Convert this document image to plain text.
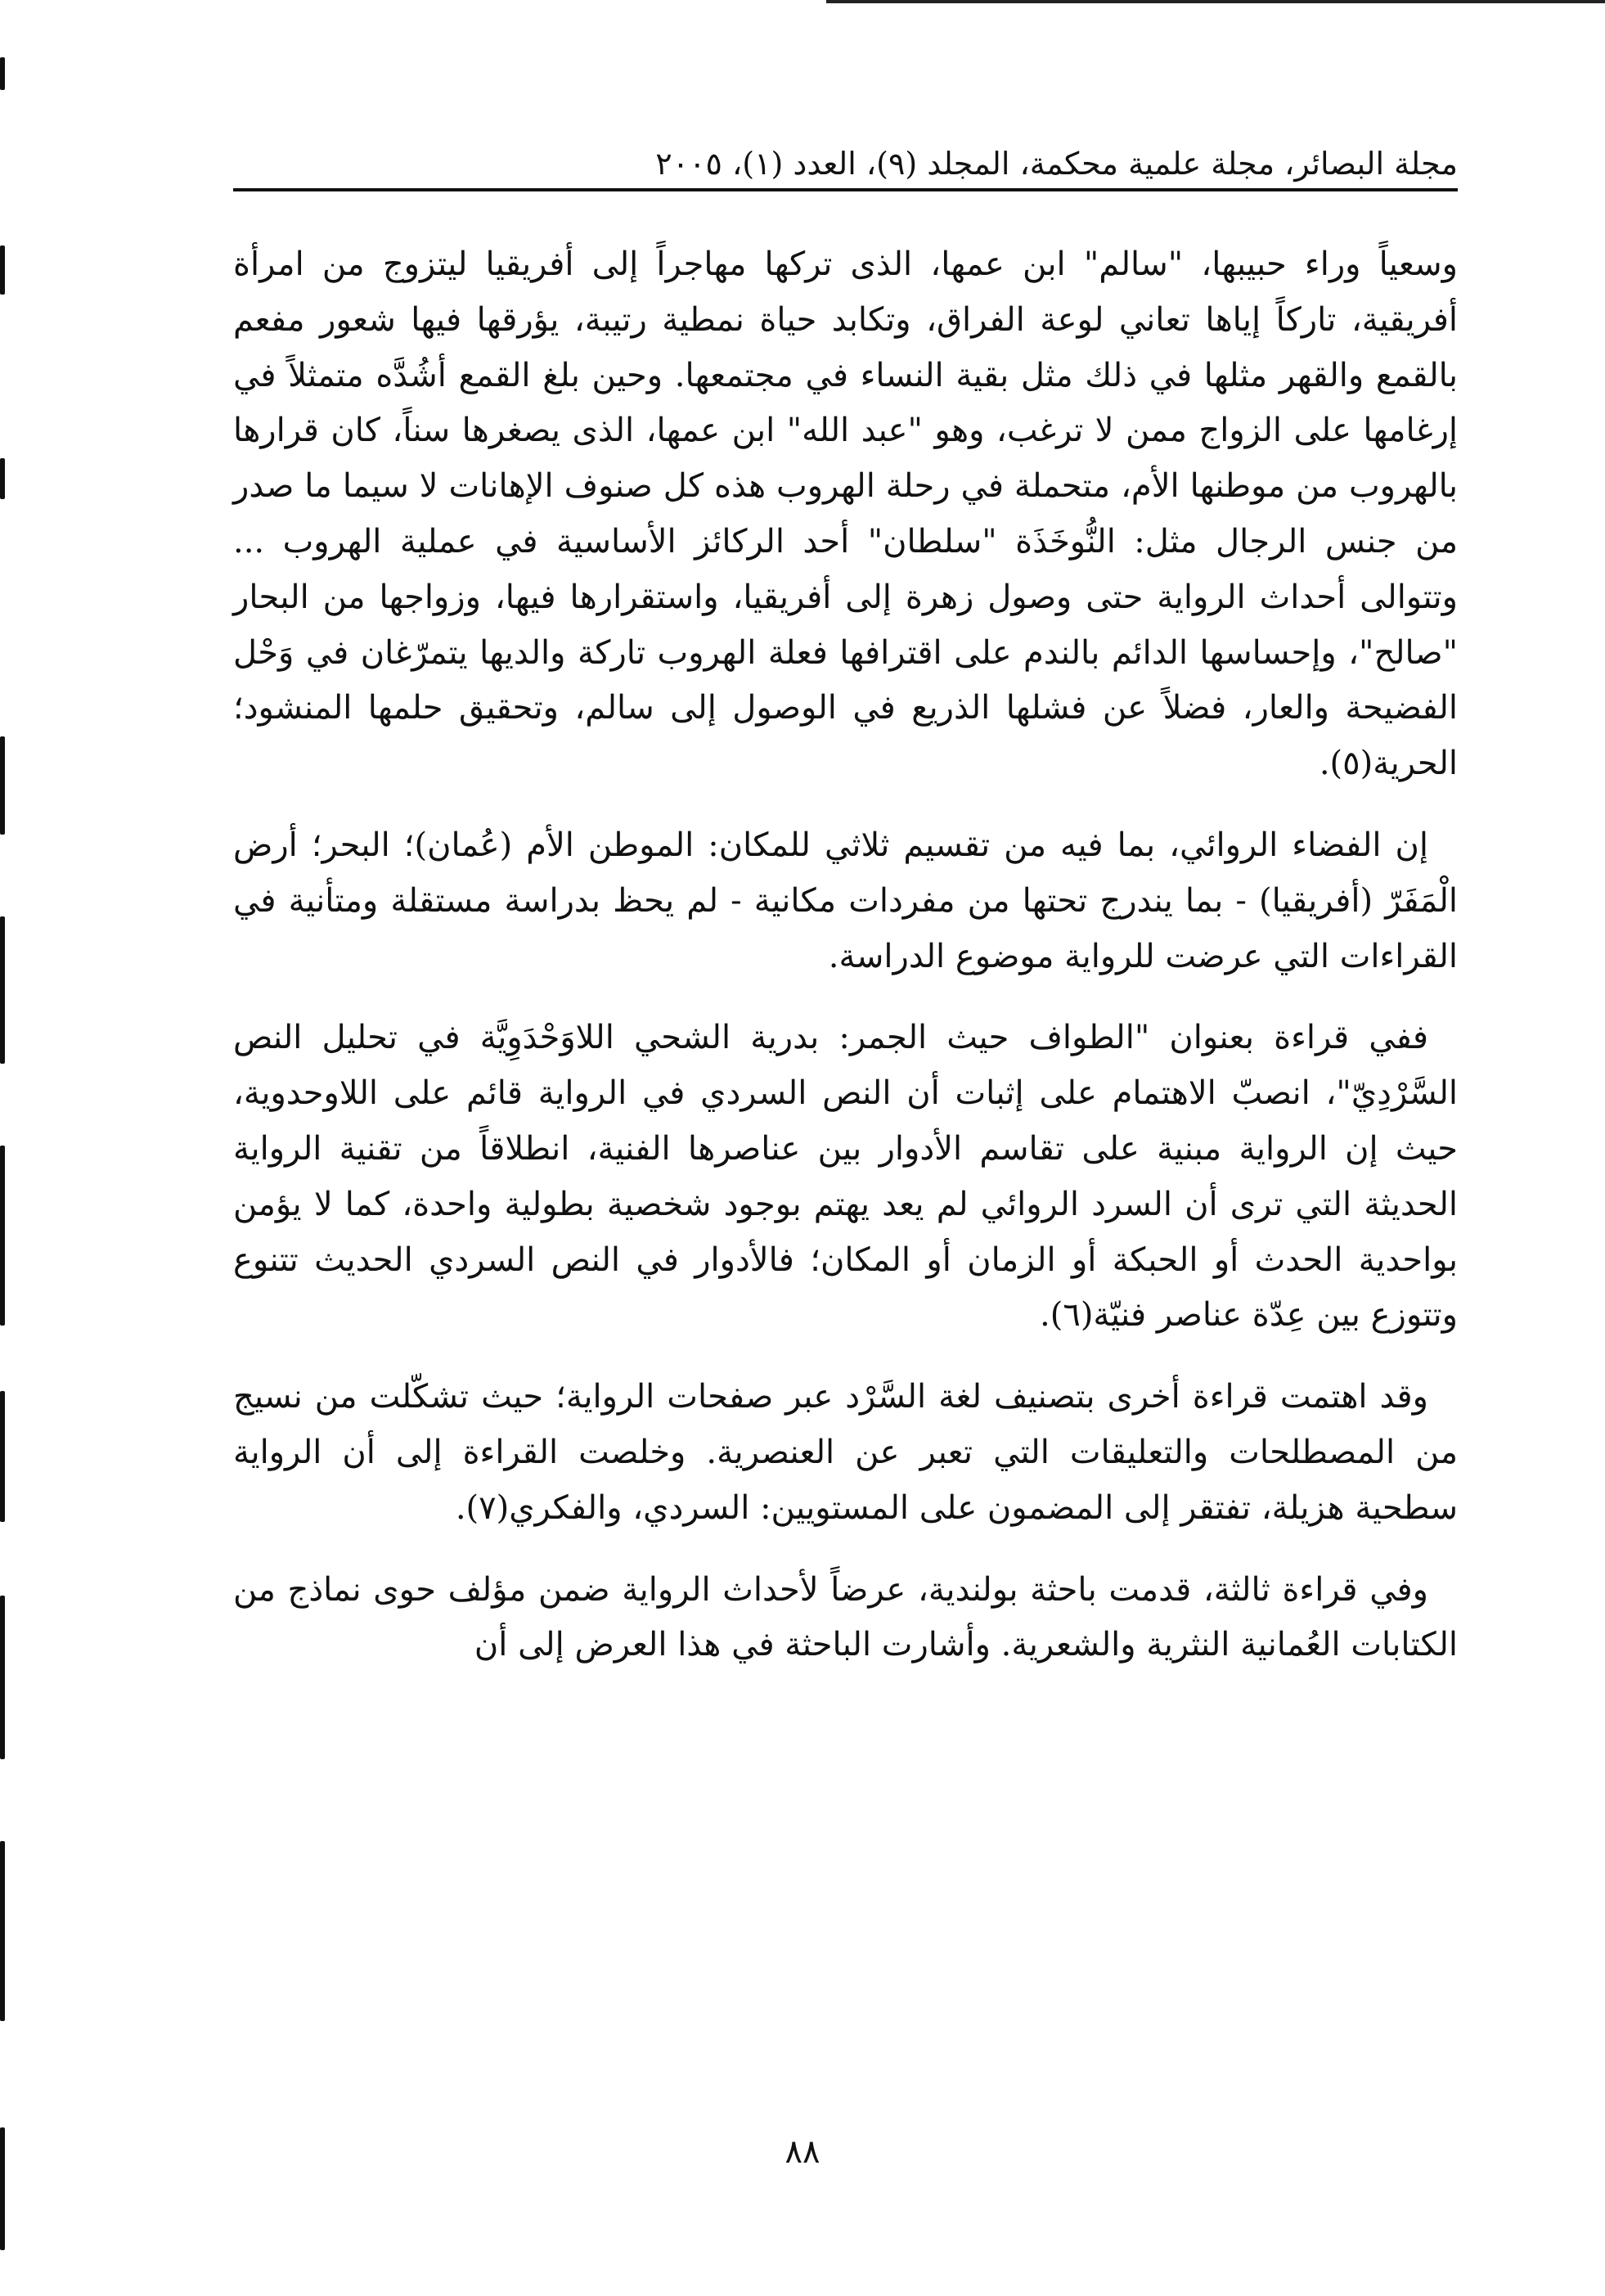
مجلة البصائر، مجلة علمية محكمة، المجلد (٩)، العدد (١)، ٢٠٠٥

وسعياً وراء حبيبها، "سالم" ابن عمها، الذى تركها مهاجراً إلى أفريقيا ليتزوج من امرأة أفريقية، تاركاً إياها تعاني لوعة الفراق، وتكابد حياة نمطية رتيبة، يؤرقها فيها شعور مفعم بالقمع والقهر مثلها في ذلك مثل بقية النساء في مجتمعها. وحين بلغ القمع أشُدَّه متمثلاً في إرغامها على الزواج ممن لا ترغب، وهو "عبد الله" ابن عمها، الذى يصغرها سناً، كان قرارها بالهروب من موطنها الأم، متحملة في رحلة الهروب هذه كل صنوف الإهانات لا سيما ما صدر من جنس الرجال مثل: النُّوخَذَة "سلطان" أحد الركائز الأساسية في عملية الهروب ... وتتوالى أحداث الرواية حتى وصول زهرة إلى أفريقيا، واستقرارها فيها، وزواجها من البحار "صالح"، وإحساسها الدائم بالندم على اقترافها فعلة الهروب تاركة والديها يتمرّغان في وَحْل الفضيحة والعار، فضلاً عن فشلها الذريع في الوصول إلى سالم، وتحقيق حلمها المنشود؛ الحرية(٥).

إن الفضاء الروائي، بما فيه من تقسيم ثلاثي للمكان: الموطن الأم (عُمان)؛ البحر؛ أرض الْمَفَرّ (أفريقيا) - بما يندرج تحتها من مفردات مكانية - لم يحظ بدراسة مستقلة ومتأنية في القراءات التي عرضت للرواية موضوع الدراسة.

ففي قراءة بعنوان "الطواف حيث الجمر: بدرية الشحي اللاوَحْدَوِيَّة في تحليل النص السَّرْدِيّ"، انصبّ الاهتمام على إثبات أن النص السردي في الرواية قائم على اللاوحدوية، حيث إن الرواية مبنية على تقاسم الأدوار بين عناصرها الفنية، انطلاقاً من تقنية الرواية الحديثة التي ترى أن السرد الروائي لم يعد يهتم بوجود شخصية بطولية واحدة، كما لا يؤمن بواحدية الحدث أو الحبكة أو الزمان أو المكان؛ فالأدوار في النص السردي الحديث تتنوع وتتوزع بين عِدّة عناصر فنيّة(٦).

وقد اهتمت قراءة أخرى بتصنيف لغة السَّرْد عبر صفحات الرواية؛ حيث تشكّلت من نسيج من المصطلحات والتعليقات التي تعبر عن العنصرية. وخلصت القراءة إلى أن الرواية سطحية هزيلة، تفتقر إلى المضمون على المستويين: السردي، والفكري(٧).

وفي قراءة ثالثة، قدمت باحثة بولندية، عرضاً لأحداث الرواية ضمن مؤلف حوى نماذج من الكتابات العُمانية النثرية والشعرية. وأشارت الباحثة في هذا العرض إلى أن

٨٨
